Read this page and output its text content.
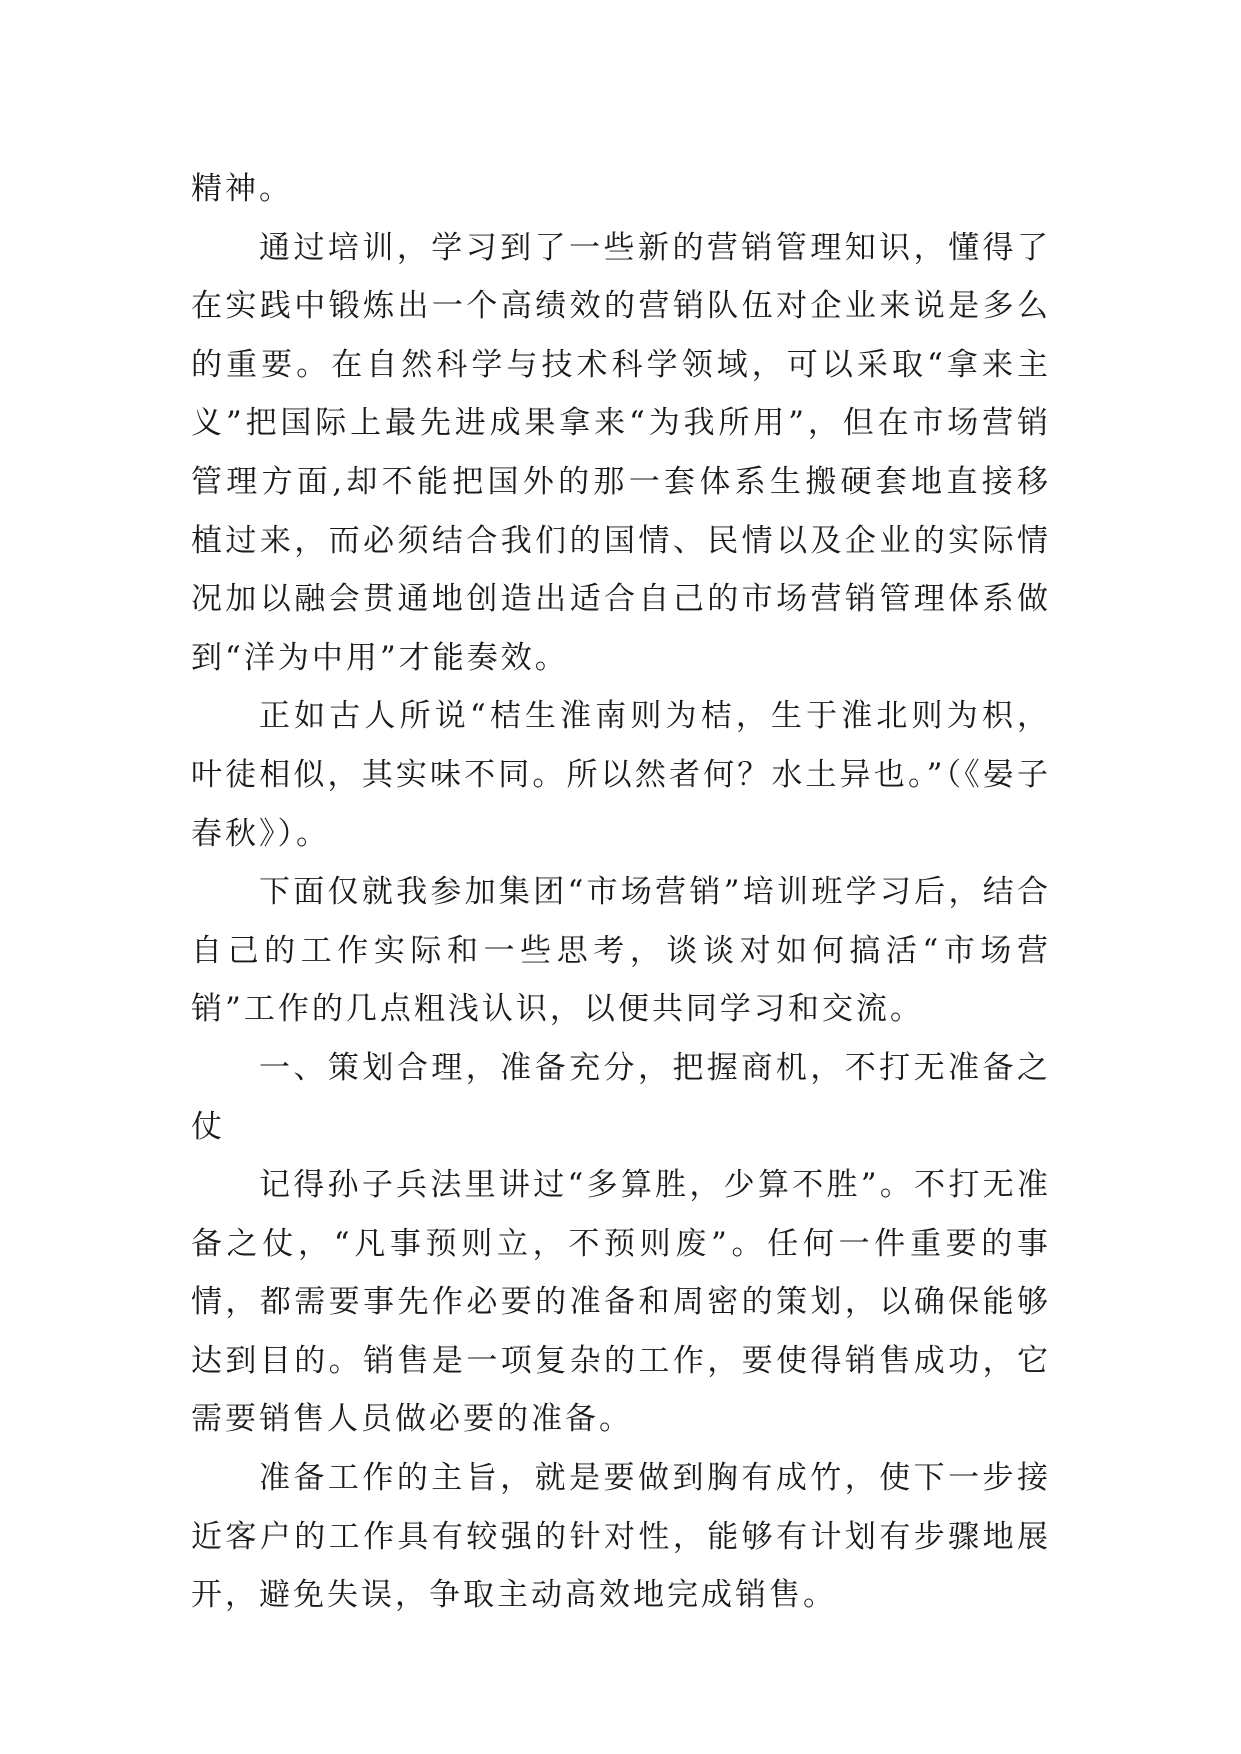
精神。

通过培训，学习到了一些新的营销管理知识，懂得了在实践中锻炼出一个高绩效的营销队伍对企业来说是多么的重要。在自然科学与技术科学领域，可以采取“拿来主义”把国际上最先进成果拿来“为我所用”，但在市场营销管理方面,却不能把国外的那一套体系生搬硬套地直接移植过来，而必须结合我们的国情、民情以及企业的实际情况加以融会贯通地创造出适合自己的市场营销管理体系做到“洋为中用”才能奏效。

正如古人所说“桔生淮南则为桔，生于淮北则为枳，叶徒相似，其实味不同。所以然者何？水土异也。”（《晏子春秋》）。

下面仅就我参加集团“市场营销”培训班学习后，结合自己的工作实际和一些思考，谈谈对如何搞活“市场营销”工作的几点粗浅认识，以便共同学习和交流。

一、策划合理，准备充分，把握商机，不打无准备之仗

记得孙子兵法里讲过“多算胜，少算不胜”。不打无准备之仗，“凡事预则立，不预则废”。任何一件重要的事情，都需要事先作必要的准备和周密的策划，以确保能够达到目的。销售是一项复杂的工作，要使得销售成功，它需要销售人员做必要的准备。

准备工作的主旨，就是要做到胸有成竹，使下一步接近客户的工作具有较强的针对性，能够有计划有步骤地展开，避免失误，争取主动高效地完成销售。
